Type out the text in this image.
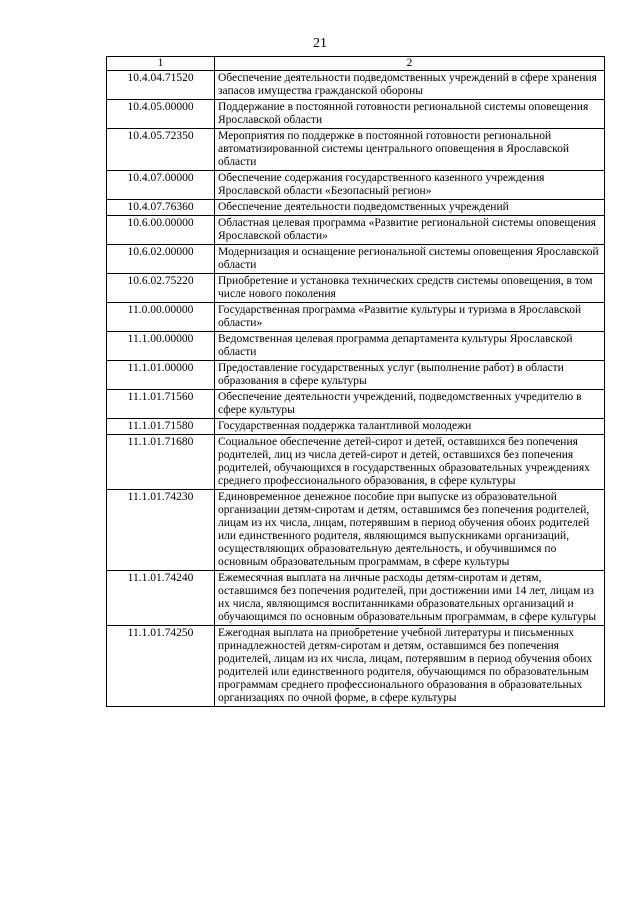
21
1	2
10.4.04.71520	Обеспечение деятельности подведомственных учреждений в сфере хранения запасов имущества гражданской обороны
10.4.05.00000	Поддержание в постоянной готовности региональной системы оповещения Ярославской области
10.4.05.72350	Мероприятия по поддержке в постоянной готовности региональной автоматизированной системы центрального оповещения в Ярославской области
10.4.07.00000	Обеспечение содержания государственного казенного учреждения Ярославской области «Безопасный регион»
10.4.07.76360	Обеспечение деятельности подведомственных учреждений
10.6.00.00000	Областная целевая программа «Развитие региональной системы оповещения Ярославской области»
10.6.02.00000	Модернизация и оснащение региональной системы оповещения Ярославской области
10.6.02.75220	Приобретение и установка технических средств системы оповещения, в том числе нового поколения
11.0.00.00000	Государственная программа «Развитие культуры и туризма в Ярославской области»
11.1.00.00000	Ведомственная целевая программа департамента культуры Ярославской области
11.1.01.00000	Предоставление государственных услуг (выполнение работ) в области образования в сфере культуры
11.1.01.71560	Обеспечение деятельности учреждений, подведомственных учредителю в сфере культуры
11.1.01.71580	Государственная поддержка талантливой молодежи
11.1.01.71680	Социальное обеспечение детей-сирот и детей, оставшихся без попечения родителей, лиц из числа детей-сирот и детей, оставшихся без попечения родителей, обучающихся в государственных образовательных учреждениях среднего профессионального образования, в сфере культуры
11.1.01.74230	Единовременное денежное пособие при выпуске из образовательной организации детям-сиротам и детям, оставшимся без попечения родителей, лицам из их числа, лицам, потерявшим в период обучения обоих родителей или единственного родителя, являющимся выпускниками организаций, осуществляющих образовательную деятельность, и обучившимся по основным образовательным программам, в сфере культуры
11.1.01.74240	Ежемесячная выплата на личные расходы детям-сиротам и детям, оставшимся без попечения родителей, при достижении ими 14 лет, лицам из их числа, являющимся воспитанниками образовательных организаций и обучающимся по основным образовательным программам, в сфере культуры
11.1.01.74250	Ежегодная выплата на приобретение учебной литературы и письменных принадлежностей детям-сиротам и детям, оставшимся без попечения родителей, лицам из их числа, лицам, потерявшим в период обучения обоих родителей или единственного родителя, обучающимся по образовательным программам среднего профессионального образования в образовательных организациях по очной форме, в сфере культуры
